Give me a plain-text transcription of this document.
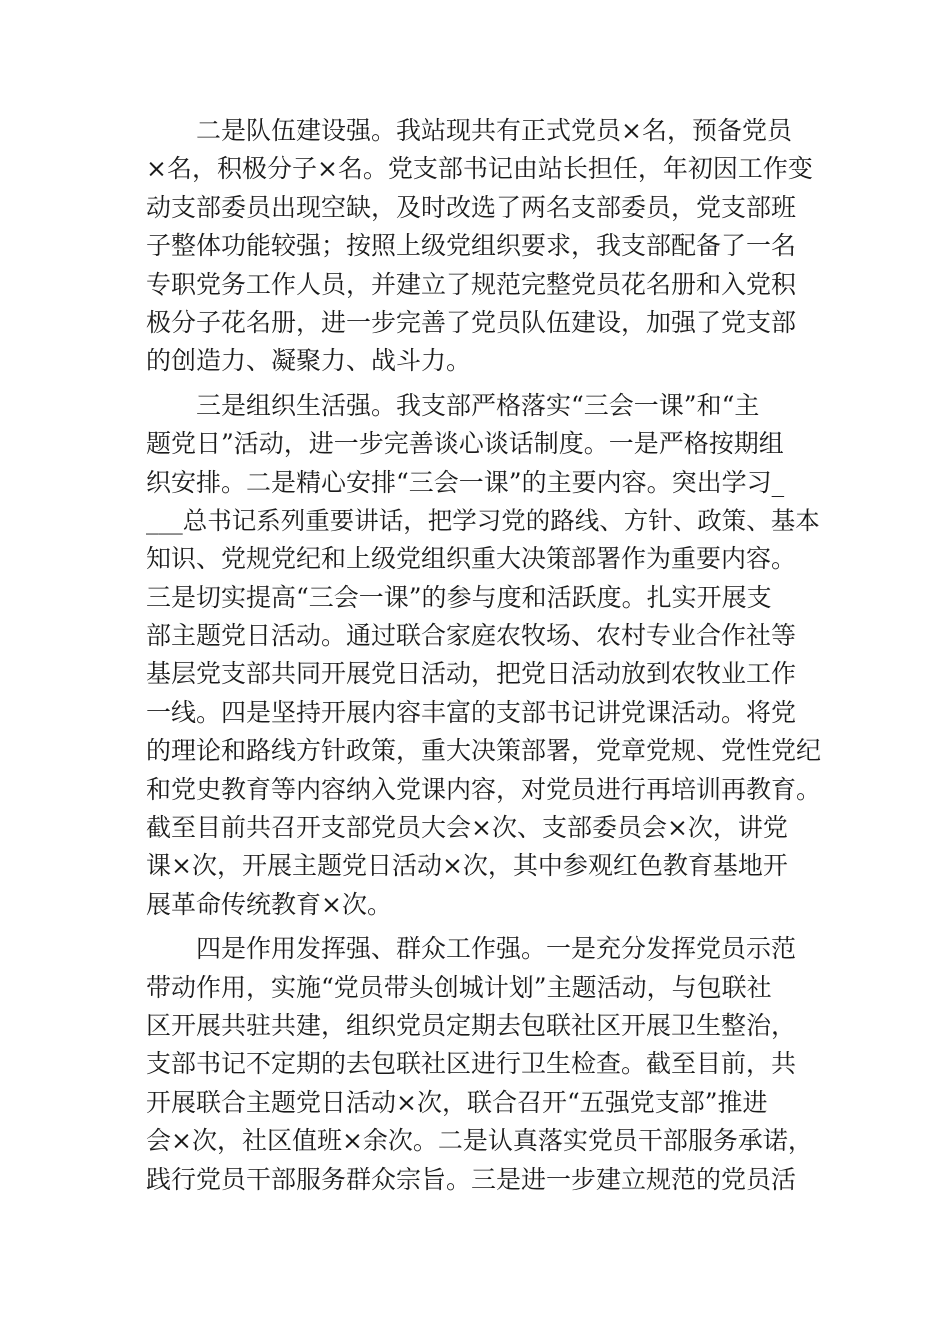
二是队伍建设强。我站现共有正式党员×名，预备党员
×名，积极分子×名。党支部书记由站长担任，年初因工作变
动支部委员出现空缺，及时改选了两名支部委员，党支部班
子整体功能较强；按照上级党组织要求，我支部配备了一名
专职党务工作人员，并建立了规范完整党员花名册和入党积
极分子花名册，进一步完善了党员队伍建设，加强了党支部
的创造力、凝聚力、战斗力。
三是组织生活强。我支部严格落实“三会一课”和“主
题党日”活动，进一步完善谈心谈话制度。一是严格按期组
织安排。二是精心安排“三会一课”的主要内容。突出学习_
___总书记系列重要讲话，把学习党的路线、方针、政策、基本
知识、党规党纪和上级党组织重大决策部署作为重要内容。
三是切实提高“三会一课”的参与度和活跃度。扎实开展支
部主题党日活动。通过联合家庭农牧场、农村专业合作社等
基层党支部共同开展党日活动，把党日活动放到农牧业工作
一线。四是坚持开展内容丰富的支部书记讲党课活动。将党
的理论和路线方针政策，重大决策部署，党章党规、党性党纪
和党史教育等内容纳入党课内容，对党员进行再培训再教育。
截至目前共召开支部党员大会×次、支部委员会×次，讲党
课×次，开展主题党日活动×次，其中参观红色教育基地开
展革命传统教育×次。
四是作用发挥强、群众工作强。一是充分发挥党员示范
带动作用，实施“党员带头创城计划”主题活动，与包联社
区开展共驻共建，组织党员定期去包联社区开展卫生整治，
支部书记不定期的去包联社区进行卫生检查。截至目前，共
开展联合主题党日活动×次，联合召开“五强党支部”推进
会×次，社区值班×余次。二是认真落实党员干部服务承诺，
践行党员干部服务群众宗旨。三是进一步建立规范的党员活
